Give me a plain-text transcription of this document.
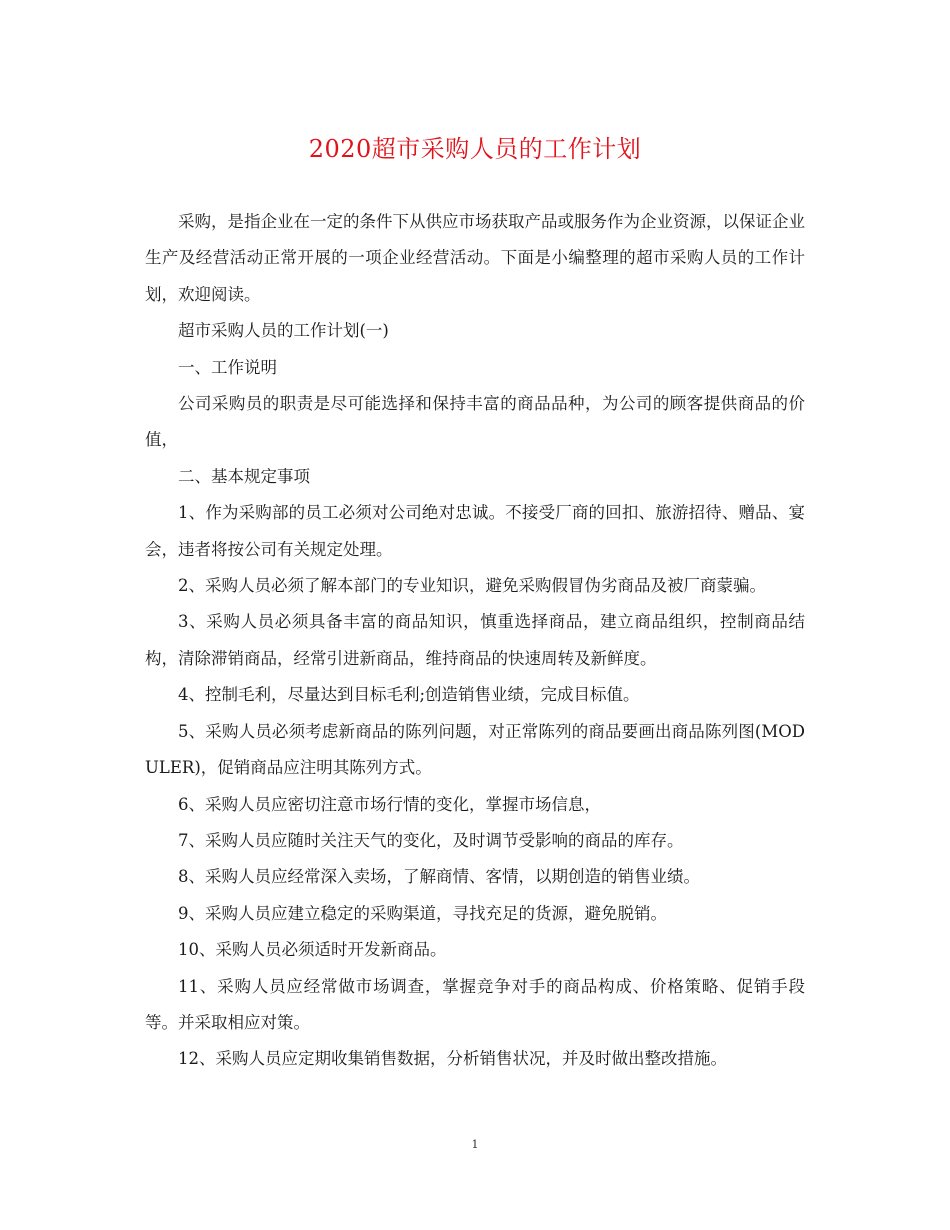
2020超市采购人员的工作计划

采购，是指企业在一定的条件下从供应市场获取产品或服务作为企业资源，以保证企业生产及经营活动正常开展的一项企业经营活动。下面是小编整理的超市采购人员的工作计划，欢迎阅读。

超市采购人员的工作计划(一)

一、工作说明

公司采购员的职责是尽可能选择和保持丰富的商品品种，为公司的顾客提供商品的价值，

二、基本规定事项

1、作为采购部的员工必须对公司绝对忠诚。不接受厂商的回扣、旅游招待、赠品、宴会，违者将按公司有关规定处理。

2、采购人员必须了解本部门的专业知识，避免采购假冒伪劣商品及被厂商蒙骗。

3、采购人员必须具备丰富的商品知识，慎重选择商品，建立商品组织，控制商品结构，清除滞销商品，经常引进新商品，维持商品的快速周转及新鲜度。

4、控制毛利，尽量达到目标毛利;创造销售业绩，完成目标值。

5、采购人员必须考虑新商品的陈列问题，对正常陈列的商品要画出商品陈列图(MODULER)，促销商品应注明其陈列方式。

6、采购人员应密切注意市场行情的变化，掌握市场信息，

7、采购人员应随时关注天气的变化，及时调节受影响的商品的库存。

8、采购人员应经常深入卖场，了解商情、客情，以期创造的销售业绩。

9、采购人员应建立稳定的采购渠道，寻找充足的货源，避免脱销。

10、采购人员必须适时开发新商品。

11、采购人员应经常做市场调查，掌握竞争对手的商品构成、价格策略、促销手段等。并采取相应对策。

12、采购人员应定期收集销售数据，分析销售状况，并及时做出整改措施。

1
